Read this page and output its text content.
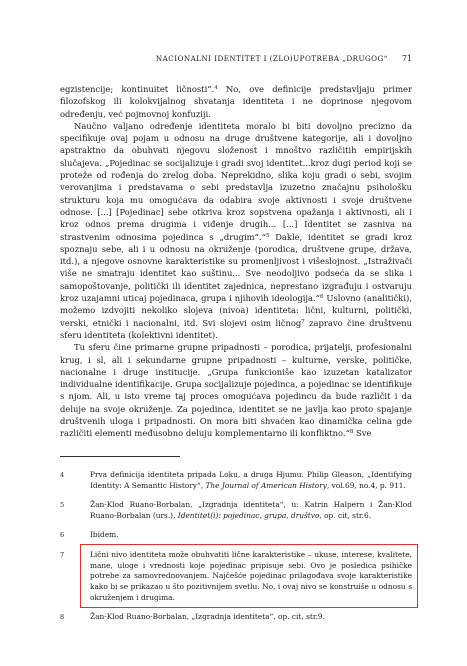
NACIONALNI IDENTITET I (ZLO)UPOTREBA „DRUGOG“ 71

egzistencije; kontinuitet ličnosti“.$^4$ No, ove definicije predstavljaju primer filozofskog ili kolokvijalnog shvatanja identiteta i ne doprinose njegovom određenju, već pojmovnoj konfuziji.

Naučno valjano određenje identiteta moralo bi biti dovoljno precizno da specifikuje ovaj pojam u odnosu na druge društvene kategorije, ali i dovoljno apstraktno da obuhvati njegovu složenost i mnoštvo različitih empirijskih slučajeva. „Pojedinac se socijalizuje i gradi svoj identitet...kroz dugi period koji se proteže od rođenja do zrelog doba. Neprekidno, slika koju gradi o sebi, svojim verovanjima i predstavama o sebi predstavlja izuzetno značajnu psihološku strukturu koja mu omogućava da odabira svoje aktivnosti i svoje društvene odnose. [...] [Pojedinac] sebe otkriva kroz sopstvena opažanja i aktivnosti, ali i kroz odnos prema drugima i viđenje drugih... [...] Identitet se zasniva na strastvenim odnosima pojedinca s „drugim“.“$^5$ Dakle, identitet se gradi kroz spoznaju sebe, ali i u odnosu na okruženje (porodica, društvene grupe, država, itd.), a njegove osnovne karakteristike su promenljivost i višeslojnost. „Istraživači više ne smatraju identitet kao suštinu... Sve neodoljivo podseća da se slika i samopoštovanje, politički ili identitet zajednica, neprestano izgrađuju i ostvaruju kroz uzajamni uticaj pojedinaca, grupa i njihovih ideologija.“$^6$ Uslovno (analitički), možemo izdvojiti nekoliko slojeva (nivoa) identiteta: lični, kulturni, politički, verski, etnički i nacionalni, itd. Svi slojevi osim ličnog$^7$ zapravo čine društvenu sferu identiteta (kolektivni identitet).

Tu sferu čine primarne grupne pripadnosti – porodica, prijatelji, profesionalni krug, i sl, ali i sekundarne grupne pripadnosti – kulturne, verske, političke, nacionalne i druge institucije. „Grupa funkcioniše kao izuzetan katalizator individualne identifikacije. Grupa socijalizuje pojedinca, a pojedinac se identifikuje s njom. Ali, u isto vreme taj proces omogućava pojedincu da bude različit i da deluje na svoje okruženje. Za pojedinca, identitet se ne javlja kao proto spajanje društvenih uloga i pripadnosti. On mora biti shvaćen kao dinamička celina gde različiti elementi međusobno deluju komplementarno ili konfliktno.“$^8$ Sve

4	Prva definicija identiteta pripada Loku, a druga Hjumu. Philip Gleason, „Identifying Identity: A Semantic History“, The Journal of American History, vol.69, no.4, p. 911.
5	Žan-Klod Ruano-Borbalan, „Izgradnja identiteta“, u: Katrin Halpern i Žan-Klod Ruano-Borbalan (urs.), Identitet(i): pojedinac, grupa, društvo, op. cit, str.6.
6	Ibidem.
7	Lični nivo identiteta može obuhvatiti lične karakteristike – ukuse, interese, kvalitete, mane, uloge i vrednosti koje pojedinac pripisuje sebi. Ovo je posledica psihičke potrebe za samovrednovanjem. Najčešće pojedinac prilagođava svoje karakteristike kako bi se prikazao u što pozitivnijem svetlu. No, i ovaj nivo se konstruiše u odnosu s okruženjem i drugima.
8	Žan-Klod Ruano-Borbalan, „Izgradnja identiteta“, op. cit, str.9.
